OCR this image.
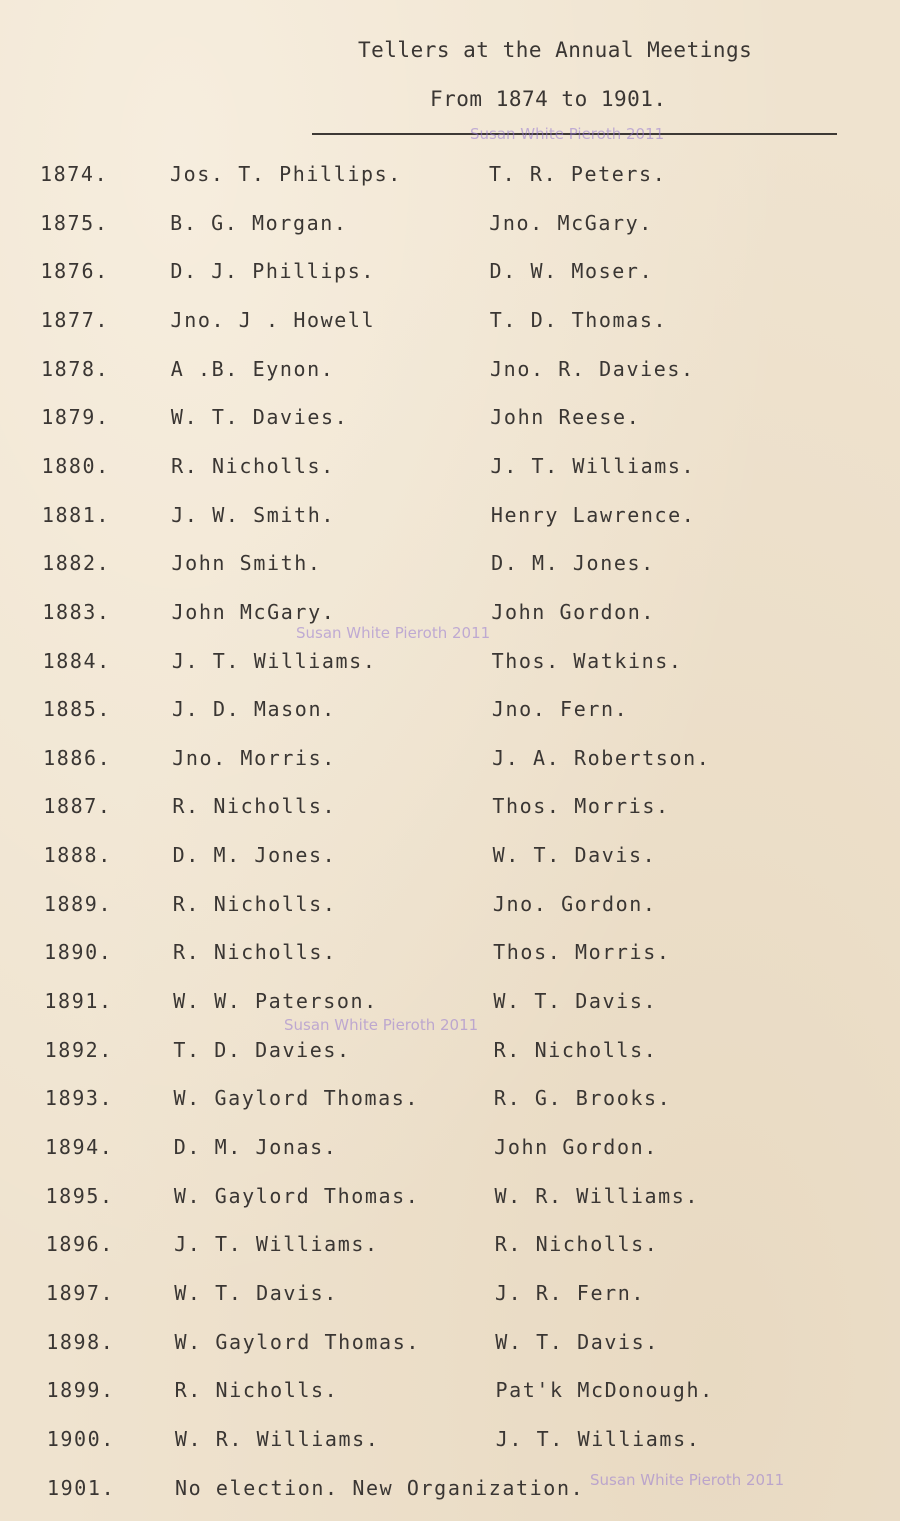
Tellers at the Annual Meetings
From 1874 to 1901.
1874.	Jos. T. Phillips.	T. R. Peters.
1875.	B. G. Morgan.	Jno. McGary.
1876.	D. J. Phillips.	D. W. Moser.
1877.	Jno. J . Howell	T. D. Thomas.
1878.	A .B. Eynon.	Jno. R. Davies.
1879.	W. T. Davies.	John Reese.
1880.	R. Nicholls.	J. T. Williams.
1881.	J. W. Smith.	Henry Lawrence.
1882.	John Smith.	D. M. Jones.
1883.	John McGary.	John Gordon.
1884.	J. T. Williams.	Thos. Watkins.
1885.	J. D. Mason.	Jno. Fern.
1886.	Jno. Morris.	J. A. Robertson.
1887.	R. Nicholls.	Thos. Morris.
1888.	D. M. Jones.	W. T. Davis.
1889.	R. Nicholls.	Jno. Gordon.
1890.	R. Nicholls.	Thos. Morris.
1891.	W. W. Paterson.	W. T. Davis.
1892.	T. D. Davies.	R. Nicholls.
1893.	W. Gaylord Thomas.	R. G. Brooks.
1894.	D. M. Jonas.	John Gordon.
1895.	W. Gaylord Thomas.	W. R. Williams.
1896.	J. T. Williams.	R. Nicholls.
1897.	W. T. Davis.	J. R. Fern.
1898.	W. Gaylord Thomas.	W. T. Davis.
1899.	R. Nicholls.	Pat'k McDonough.
1900.	W. R. Williams.	J. T. Williams.
1901.	No election. New Organization.
Susan White Pieroth 2011
Susan White Pieroth 2011
Susan White Pieroth 2011
Susan White Pieroth 2011
